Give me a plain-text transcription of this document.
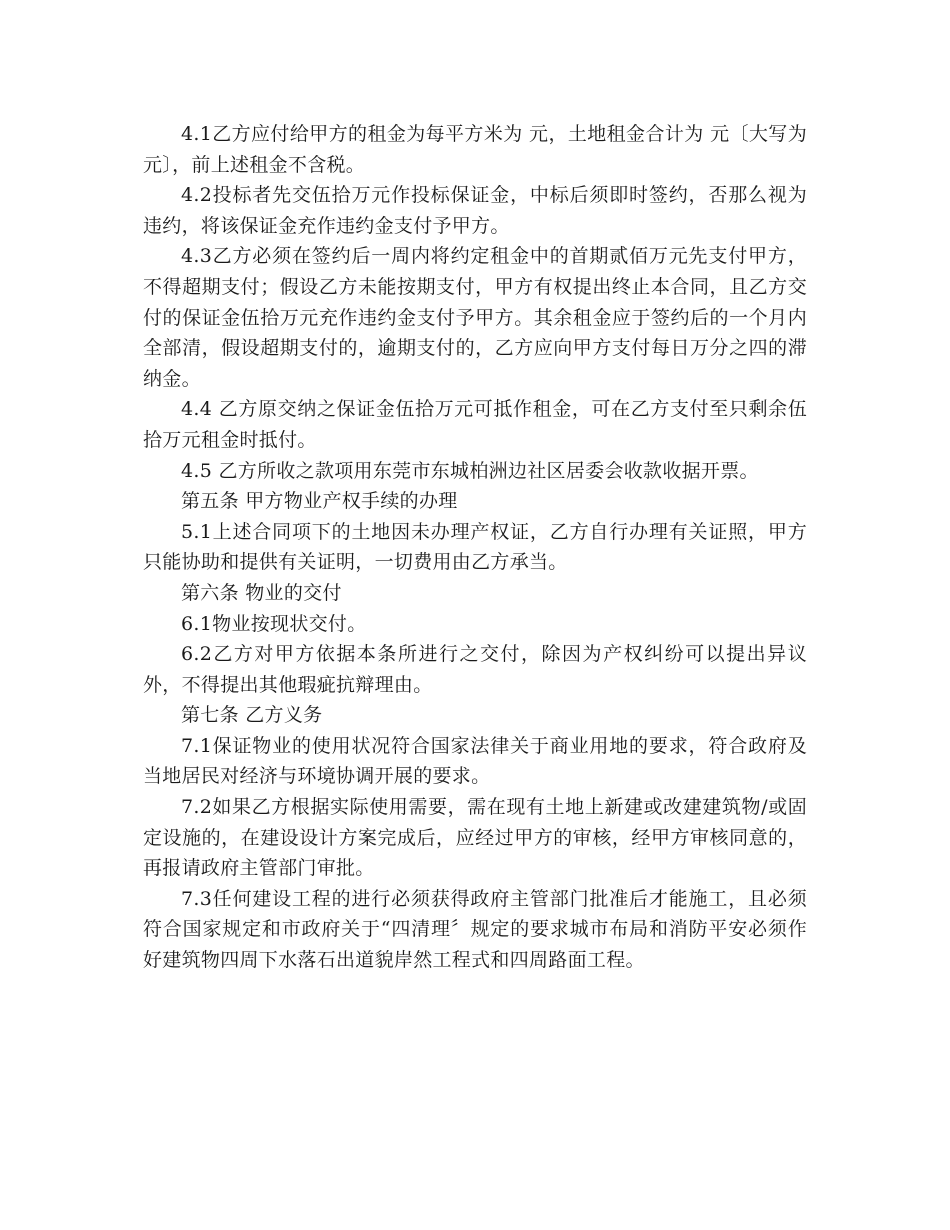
4.1乙方应付给甲方的租金为每平方米为 元，土地租金合计为 元〔大写为 元〕，前上述租金不含税。

4.2投标者先交伍拾万元作投标保证金，中标后须即时签约，否那么视为违约，将该保证金充作违约金支付予甲方。

4.3乙方必须在签约后一周内将约定租金中的首期贰佰万元先支付甲方，不得超期支付；假设乙方未能按期支付，甲方有权提出终止本合同，且乙方交付的保证金伍拾万元充作违约金支付予甲方。其余租金应于签约后的一个月内全部清，假设超期支付的，逾期支付的，乙方应向甲方支付每日万分之四的滞纳金。

4.4 乙方原交纳之保证金伍拾万元可抵作租金，可在乙方支付至只剩余伍拾万元租金时抵付。

4.5 乙方所收之款项用东莞市东城柏洲边社区居委会收款收据开票。

第五条 甲方物业产权手续的办理

5.1上述合同项下的土地因未办理产权证，乙方自行办理有关证照，甲方只能协助和提供有关证明，一切费用由乙方承当。

第六条 物业的交付

6.1物业按现状交付。

6.2乙方对甲方依据本条所进行之交付，除因为产权纠纷可以提出异议外，不得提出其他瑕疵抗辩理由。

第七条 乙方义务

7.1保证物业的使用状况符合国家法律关于商业用地的要求，符合政府及当地居民对经济与环境协调开展的要求。

7.2如果乙方根据实际使用需要，需在现有土地上新建或改建建筑物/或固定设施的，在建设设计方案完成后，应经过甲方的审核，经甲方审核同意的，再报请政府主管部门审批。

7.3任何建设工程的进行必须获得政府主管部门批准后才能施工，且必须符合国家规定和市政府关于“四清理〞规定的要求城市布局和消防平安必须作好建筑物四周下水落石出道貌岸然工程式和四周路面工程。
